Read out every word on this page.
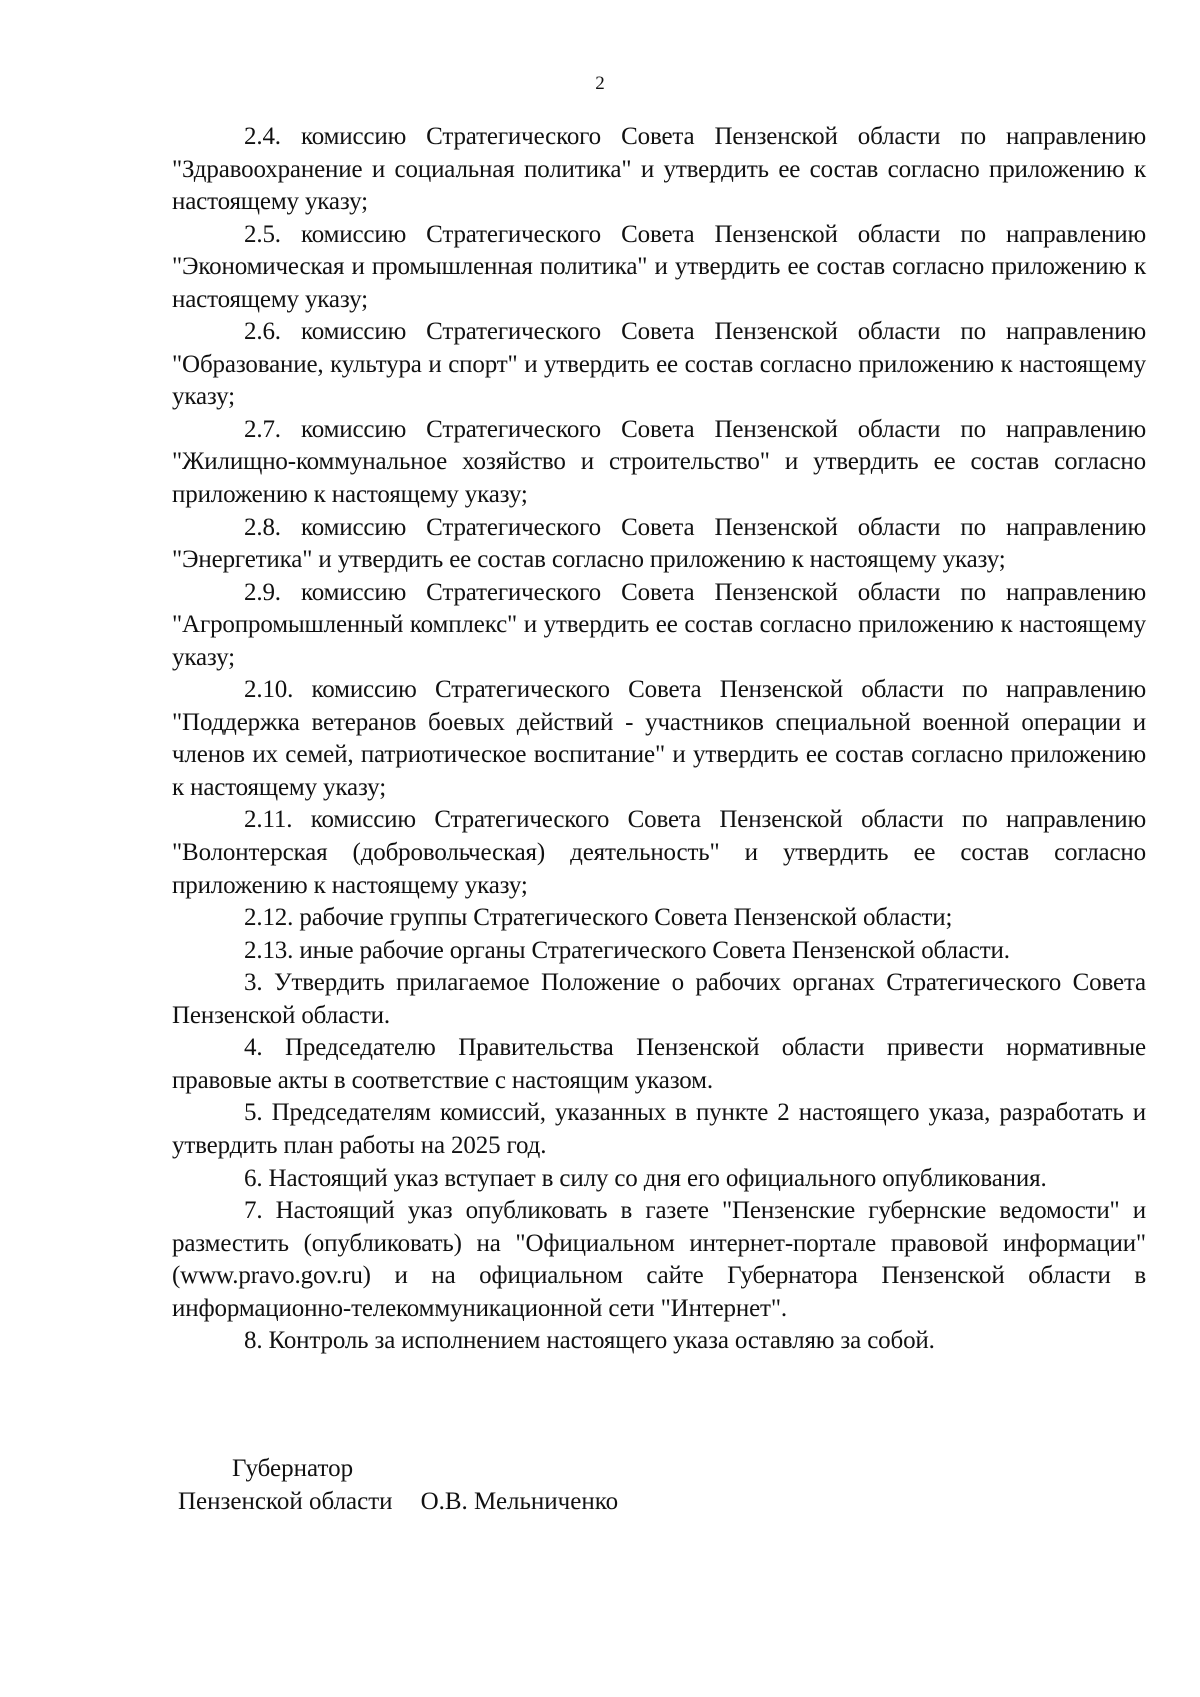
2

2.4. комиссию Стратегического Совета Пензенской области по направлению "Здравоохранение и социальная политика" и утвердить ее состав согласно приложению к настоящему указу;

2.5. комиссию Стратегического Совета Пензенской области по направлению "Экономическая и промышленная политика" и утвердить ее состав согласно приложению к настоящему указу;

2.6. комиссию Стратегического Совета Пензенской области по направлению "Образование, культура и спорт" и утвердить ее состав согласно приложению к настоящему указу;

2.7. комиссию Стратегического Совета Пензенской области по направлению "Жилищно-коммунальное хозяйство и строительство" и утвердить ее состав согласно приложению к настоящему указу;

2.8. комиссию Стратегического Совета Пензенской области по направлению "Энергетика" и утвердить ее состав согласно приложению к настоящему указу;

2.9. комиссию Стратегического Совета Пензенской области по направлению "Агропромышленный комплекс" и утвердить ее состав согласно приложению к настоящему указу;

2.10. комиссию Стратегического Совета Пензенской области по направлению "Поддержка ветеранов боевых действий - участников специальной военной операции и членов их семей, патриотическое воспитание" и утвердить ее состав согласно приложению к настоящему указу;

2.11. комиссию Стратегического Совета Пензенской области по направлению "Волонтерская (добровольческая) деятельность" и утвердить ее состав согласно приложению к настоящему указу;

2.12. рабочие группы Стратегического Совета Пензенской области;

2.13. иные рабочие органы Стратегического Совета Пензенской области.

3. Утвердить прилагаемое Положение о рабочих органах Стратегического Совета Пензенской области.

4. Председателю Правительства Пензенской области привести нормативные правовые акты в соответствие с настоящим указом.

5. Председателям комиссий, указанных в пункте 2 настоящего указа, разработать и утвердить план работы на 2025 год.

6. Настоящий указ вступает в силу со дня его официального опубликования.

7. Настоящий указ опубликовать в газете "Пензенские губернские ведомости" и разместить (опубликовать) на "Официальном интернет-портале правовой информации" (www.pravo.gov.ru) и на официальном сайте Губернатора Пензенской области в информационно-телекоммуникационной сети "Интернет".

8. Контроль за исполнением настоящего указа оставляю за собой.

Губернатор
Пензенской области О.В. Мельниченко
